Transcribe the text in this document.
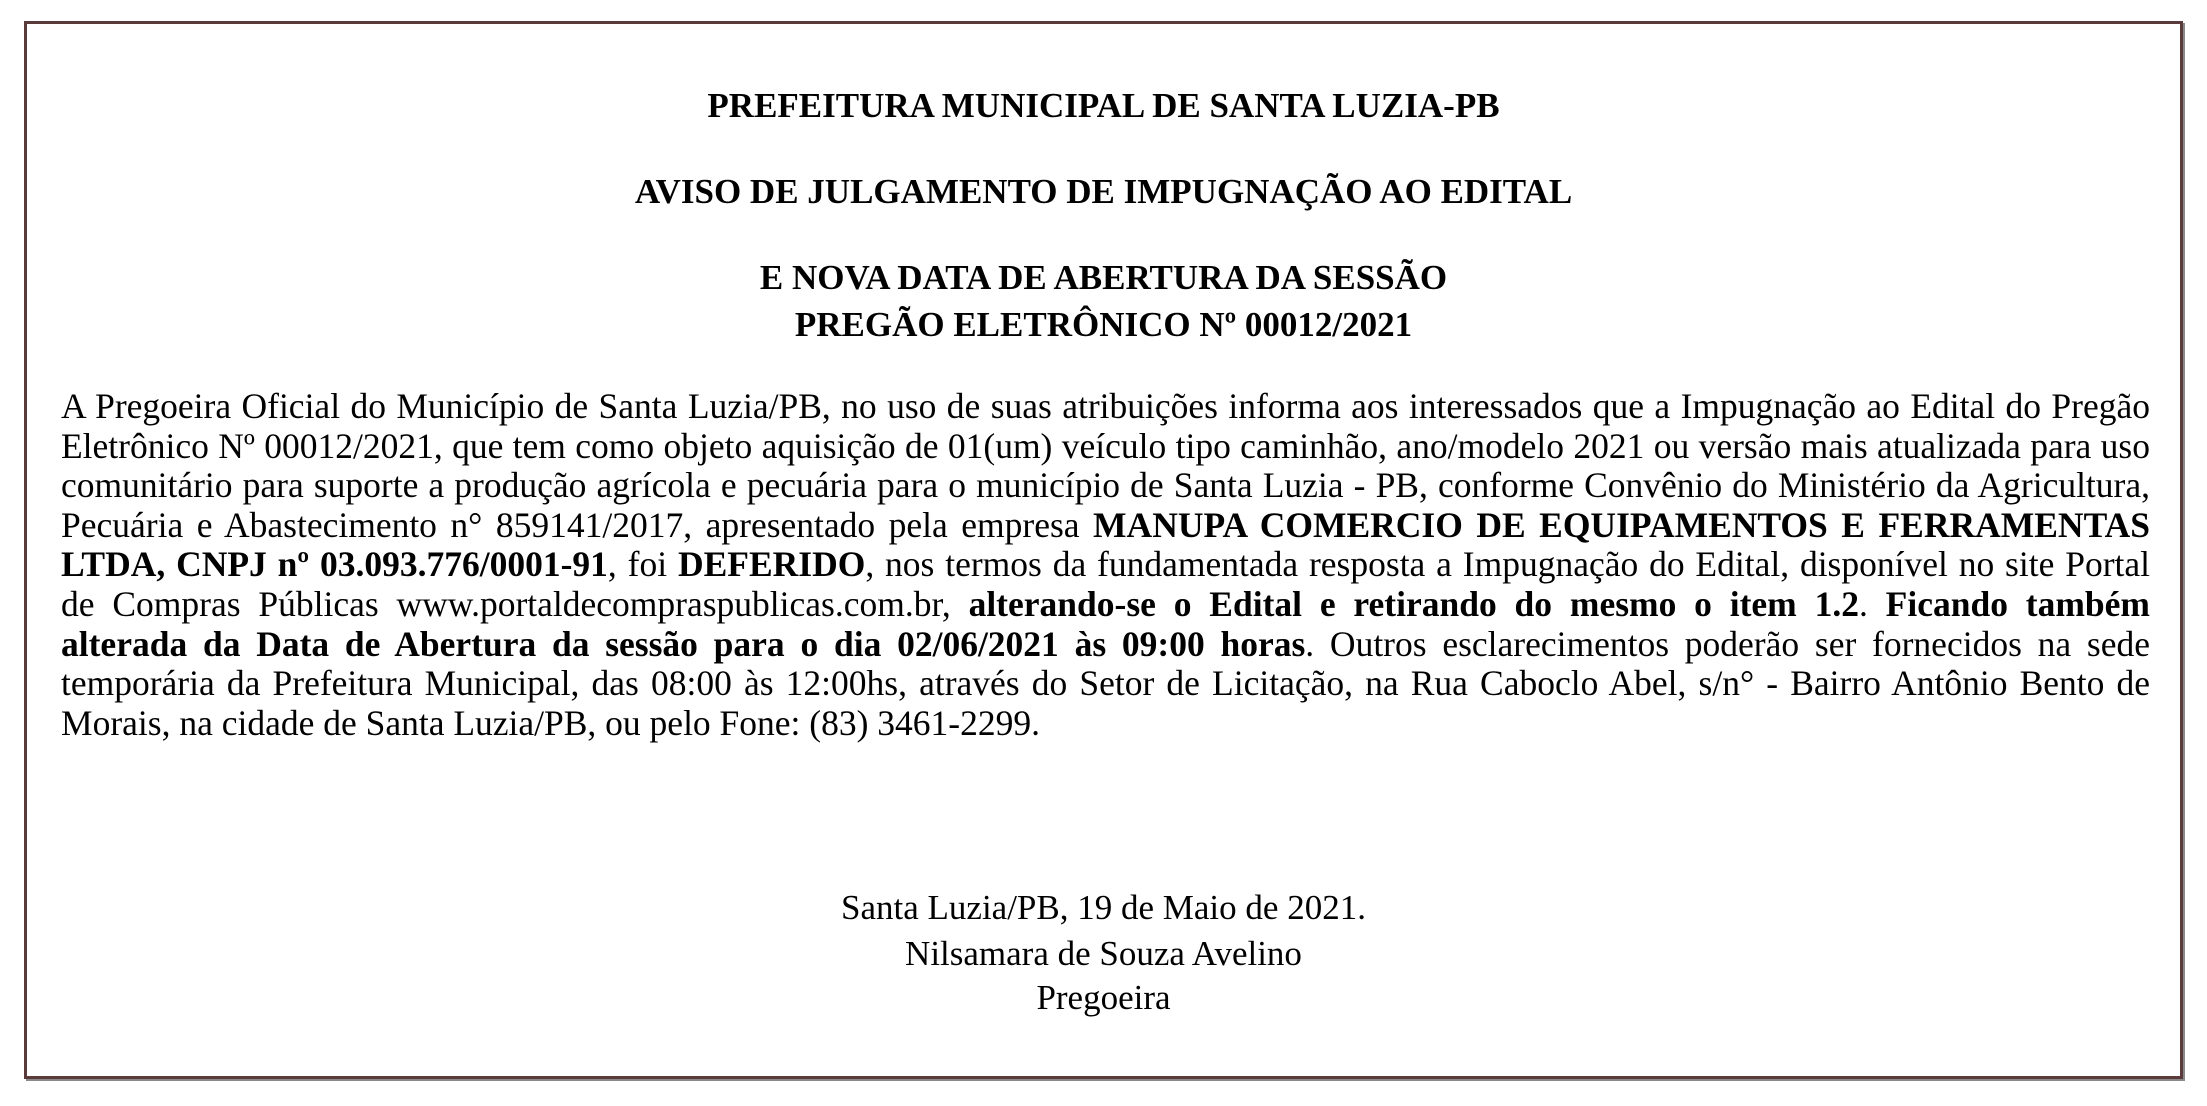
PREFEITURA MUNICIPAL DE SANTA LUZIA-PB
AVISO DE JULGAMENTO DE IMPUGNAÇÃO AO EDITAL
E NOVA DATA DE ABERTURA DA SESSÃO
PREGÃO ELETRÔNICO Nº 00012/2021
A Pregoeira Oficial do Município de Santa Luzia/PB, no uso de suas atribuições informa aos interessados que a Impugnação ao Edital do Pregão Eletrônico Nº 00012/2021, que tem como objeto aquisição de 01(um) veículo tipo caminhão, ano/modelo 2021 ou versão mais atualizada para uso comunitário para suporte a produção agrícola e pecuária para o município de Santa Luzia - PB, conforme Convênio do Ministério da Agricultura, Pecuária e Abastecimento n° 859141/2017, apresentado pela empresa MANUPA COMERCIO DE EQUIPAMENTOS E FERRAMENTAS LTDA, CNPJ nº 03.093.776/0001-91, foi DEFERIDO, nos termos da fundamentada resposta a Impugnação do Edital, disponível no site Portal de Compras Públicas www.portaldecompraspublicas.com.br, alterando-se o Edital e retirando do mesmo o item 1.2. Ficando também alterada da Data de Abertura da sessão para o dia 02/06/2021 às 09:00 horas. Outros esclarecimentos poderão ser fornecidos na sede temporária da Prefeitura Municipal, das 08:00 às 12:00hs, através do Setor de Licitação, na Rua Caboclo Abel, s/n° - Bairro Antônio Bento de Morais, na cidade de Santa Luzia/PB, ou pelo Fone: (83) 3461-2299.
Santa Luzia/PB, 19 de Maio de 2021.
Nilsamara de Souza Avelino
Pregoeira
